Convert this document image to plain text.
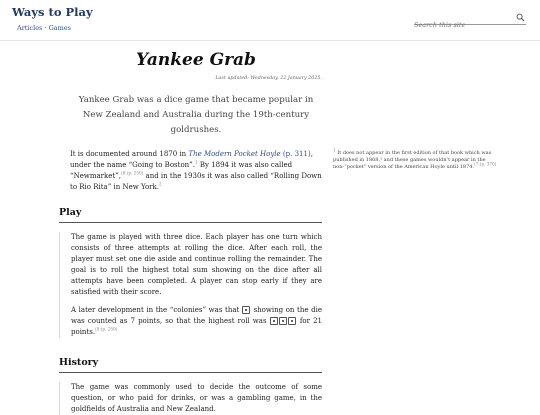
Ways to Play
Articles · Games
Search this site
Yankee Grab
Last updated: Wednesday, 22 January 2025.
Yankee Grab was a dice game that became popular in New Zealand and Australia during the 19th-century goldrushes.

It is documented around 1870 in The Modern Pocket Hoyle (p. 311), under the name “Going to Boston”.$^1$ By 1894 it was also called “Newmarket”,$^{(8:(p. 250)}$ and in the 1930s it was also called “Rolling Down to Rio Rita” in New York.$^2$

Play

The game is played with three dice. Each player has one turn which consists of three attempts at rolling the dice. After each roll, the player must set one die aside and continue rolling the remainder. The goal is to roll the highest total sum showing on the dice after all attempts have been completed. A player can stop early if they are satisfied with their score.

A later development in the “colonies” was that  showing on the die was counted as 7 points, so that the highest roll was	for 21 points.$^{(8:(p. 250)}$

History

The game was commonly used to decide the outcome of some question, or who paid for drinks, or was a gambling game, in the goldfields of Australia and New Zealand.

$^1$ It does not appear in the first edition of that book which was published in 1868,¹ and these games wouldn’t appear in the non-“pocket” version of the American Hoyle until 1874.$^{(7:(p. 370)}$
